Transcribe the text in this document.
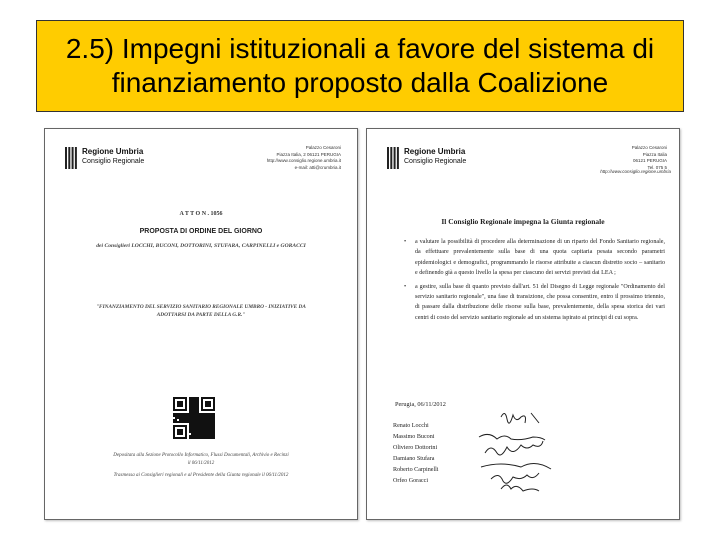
2.5) Impegni istituzionali a favore del sistema di
finanziamento proposto dalla Coalizione
Regione Umbria
Consiglio Regionale
Palazzo Cesaroni
Piazza Italia, 2 06121 PERUGIA
http://www.consiglio.regione.umbria.it
e-mail: atti@crumbria.it
A T T O N . 1056
PROPOSTA DI ORDINE DEL GIORNO
dei Consiglieri LOCCHI, BUCONI, DOTTORINI, STUFARA, CARPINELLI e GORACCI
"FINANZIAMENTO DEL SERVIZIO SANITARIO REGIONALE UMBRO - INIZIATIVE DA
ADOTTARSI DA PARTE DELLA G.R."
Depositata alla Sezione Protocollo Informatico, Flussi Documentali, Archivio e Recinzi
il 06/11/2012
Trasmessa ai Consiglieri regionali e al Presidente della Giunta regionale il 06/11/2012
Regione Umbria
Consiglio Regionale
Palazzo Cesaroni
Piazza Italia
06121 PERUGIA
Tel. 075 5
http://www.consiglio.regione.umbria
Il Consiglio Regionale impegna la Giunta regionale
• a valutare la possibilità di procedere alla determinazione di un riparto del Fondo Sanitario regionale, da effettuare prevalentemente sulla base di una quota capitaria pesata secondo parametri epidemiologici e demografici, programmando le risorse attribuite a ciascun distretto socio – sanitario e definendo già a questo livello la spesa per ciascuno dei servizi previsti dai LEA ;
• a gestire, sulla base di quanto previsto dall'art. 51 del Disegno di Legge regionale "Ordinamento del servizio sanitario regionale", una fase di transizione, che possa consentire, entro il prossimo triennio, di passare dalla distribuzione delle risorse sulla base, prevalentemente, della spesa storica dei vari centri di costo del servizio sanitario regionale ad un sistema ispirato ai principi di cui sopra.
Perugia, 06/11/2012
Renato Locchi
Massimo Buconi
Oliviero Dottorini
Damiano Stufara
Roberto Carpinelli
Orfeo Goracci
